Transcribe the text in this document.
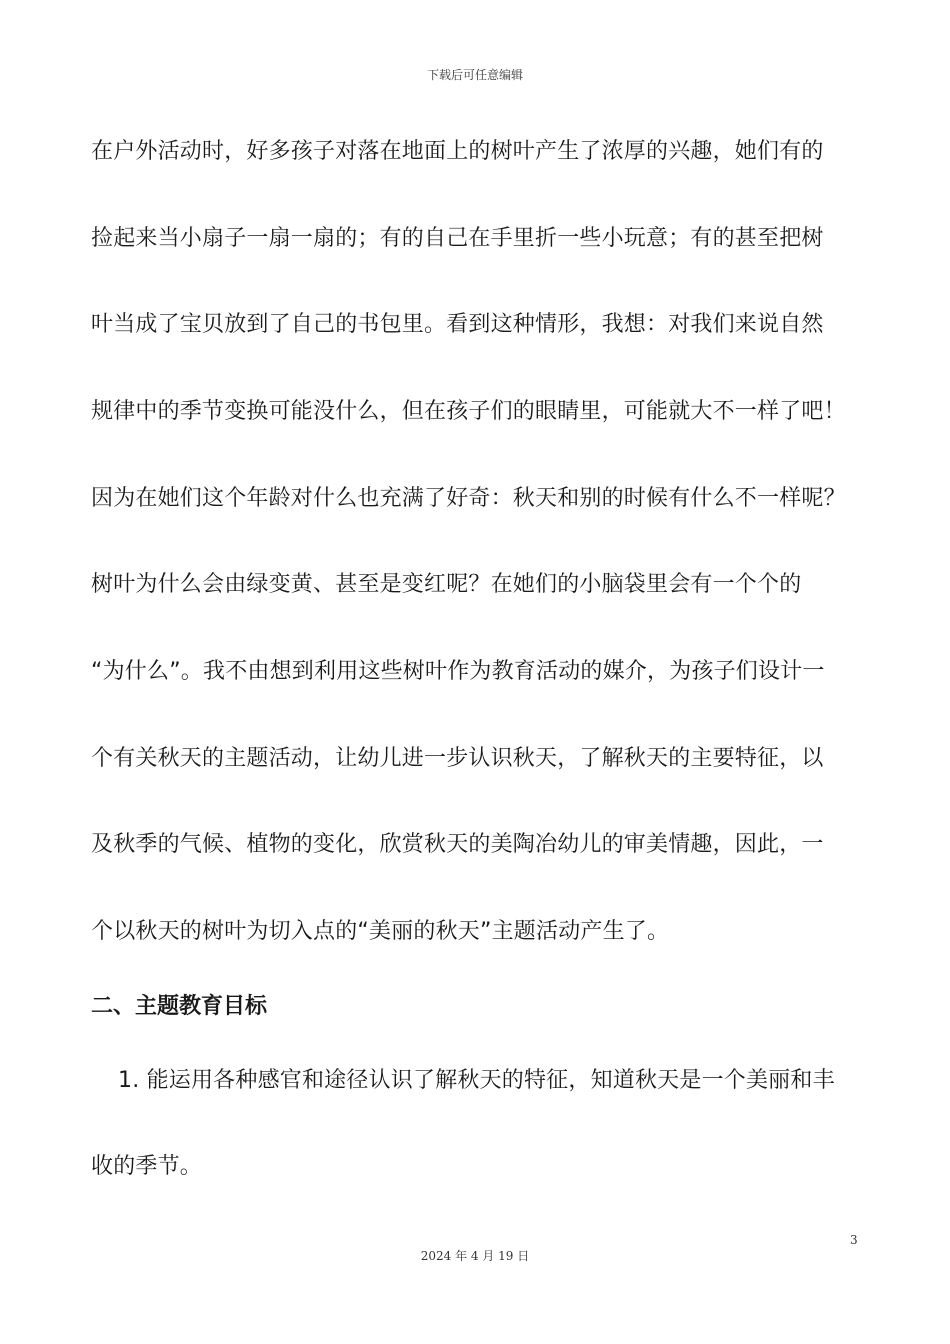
下载后可任意编辑
在户外活动时，好多孩子对落在地面上的树叶产生了浓厚的兴趣，她们有的
捡起来当小扇子一扇一扇的；有的自己在手里折一些小玩意；有的甚至把树
叶当成了宝贝放到了自己的书包里。看到这种情形，我想：对我们来说自然
规律中的季节变换可能没什么，但在孩子们的眼睛里，可能就大不一样了吧！
因为在她们这个年龄对什么也充满了好奇：秋天和别的时候有什么不一样呢？
树叶为什么会由绿变黄、甚至是变红呢？在她们的小脑袋里会有一个个的
“为什么”。我不由想到利用这些树叶作为教育活动的媒介，为孩子们设计一
个有关秋天的主题活动，让幼儿进一步认识秋天，了解秋天的主要特征，以
及秋季的气候、植物的变化，欣赏秋天的美陶冶幼儿的审美情趣，因此，一
个以秋天的树叶为切入点的“美丽的秋天”主题活动产生了。
二、主题教育目标
1. 能运用各种感官和途径认识了解秋天的特征，知道秋天是一个美丽和丰
收的季节。
3
2024 年 4 月 19 日
